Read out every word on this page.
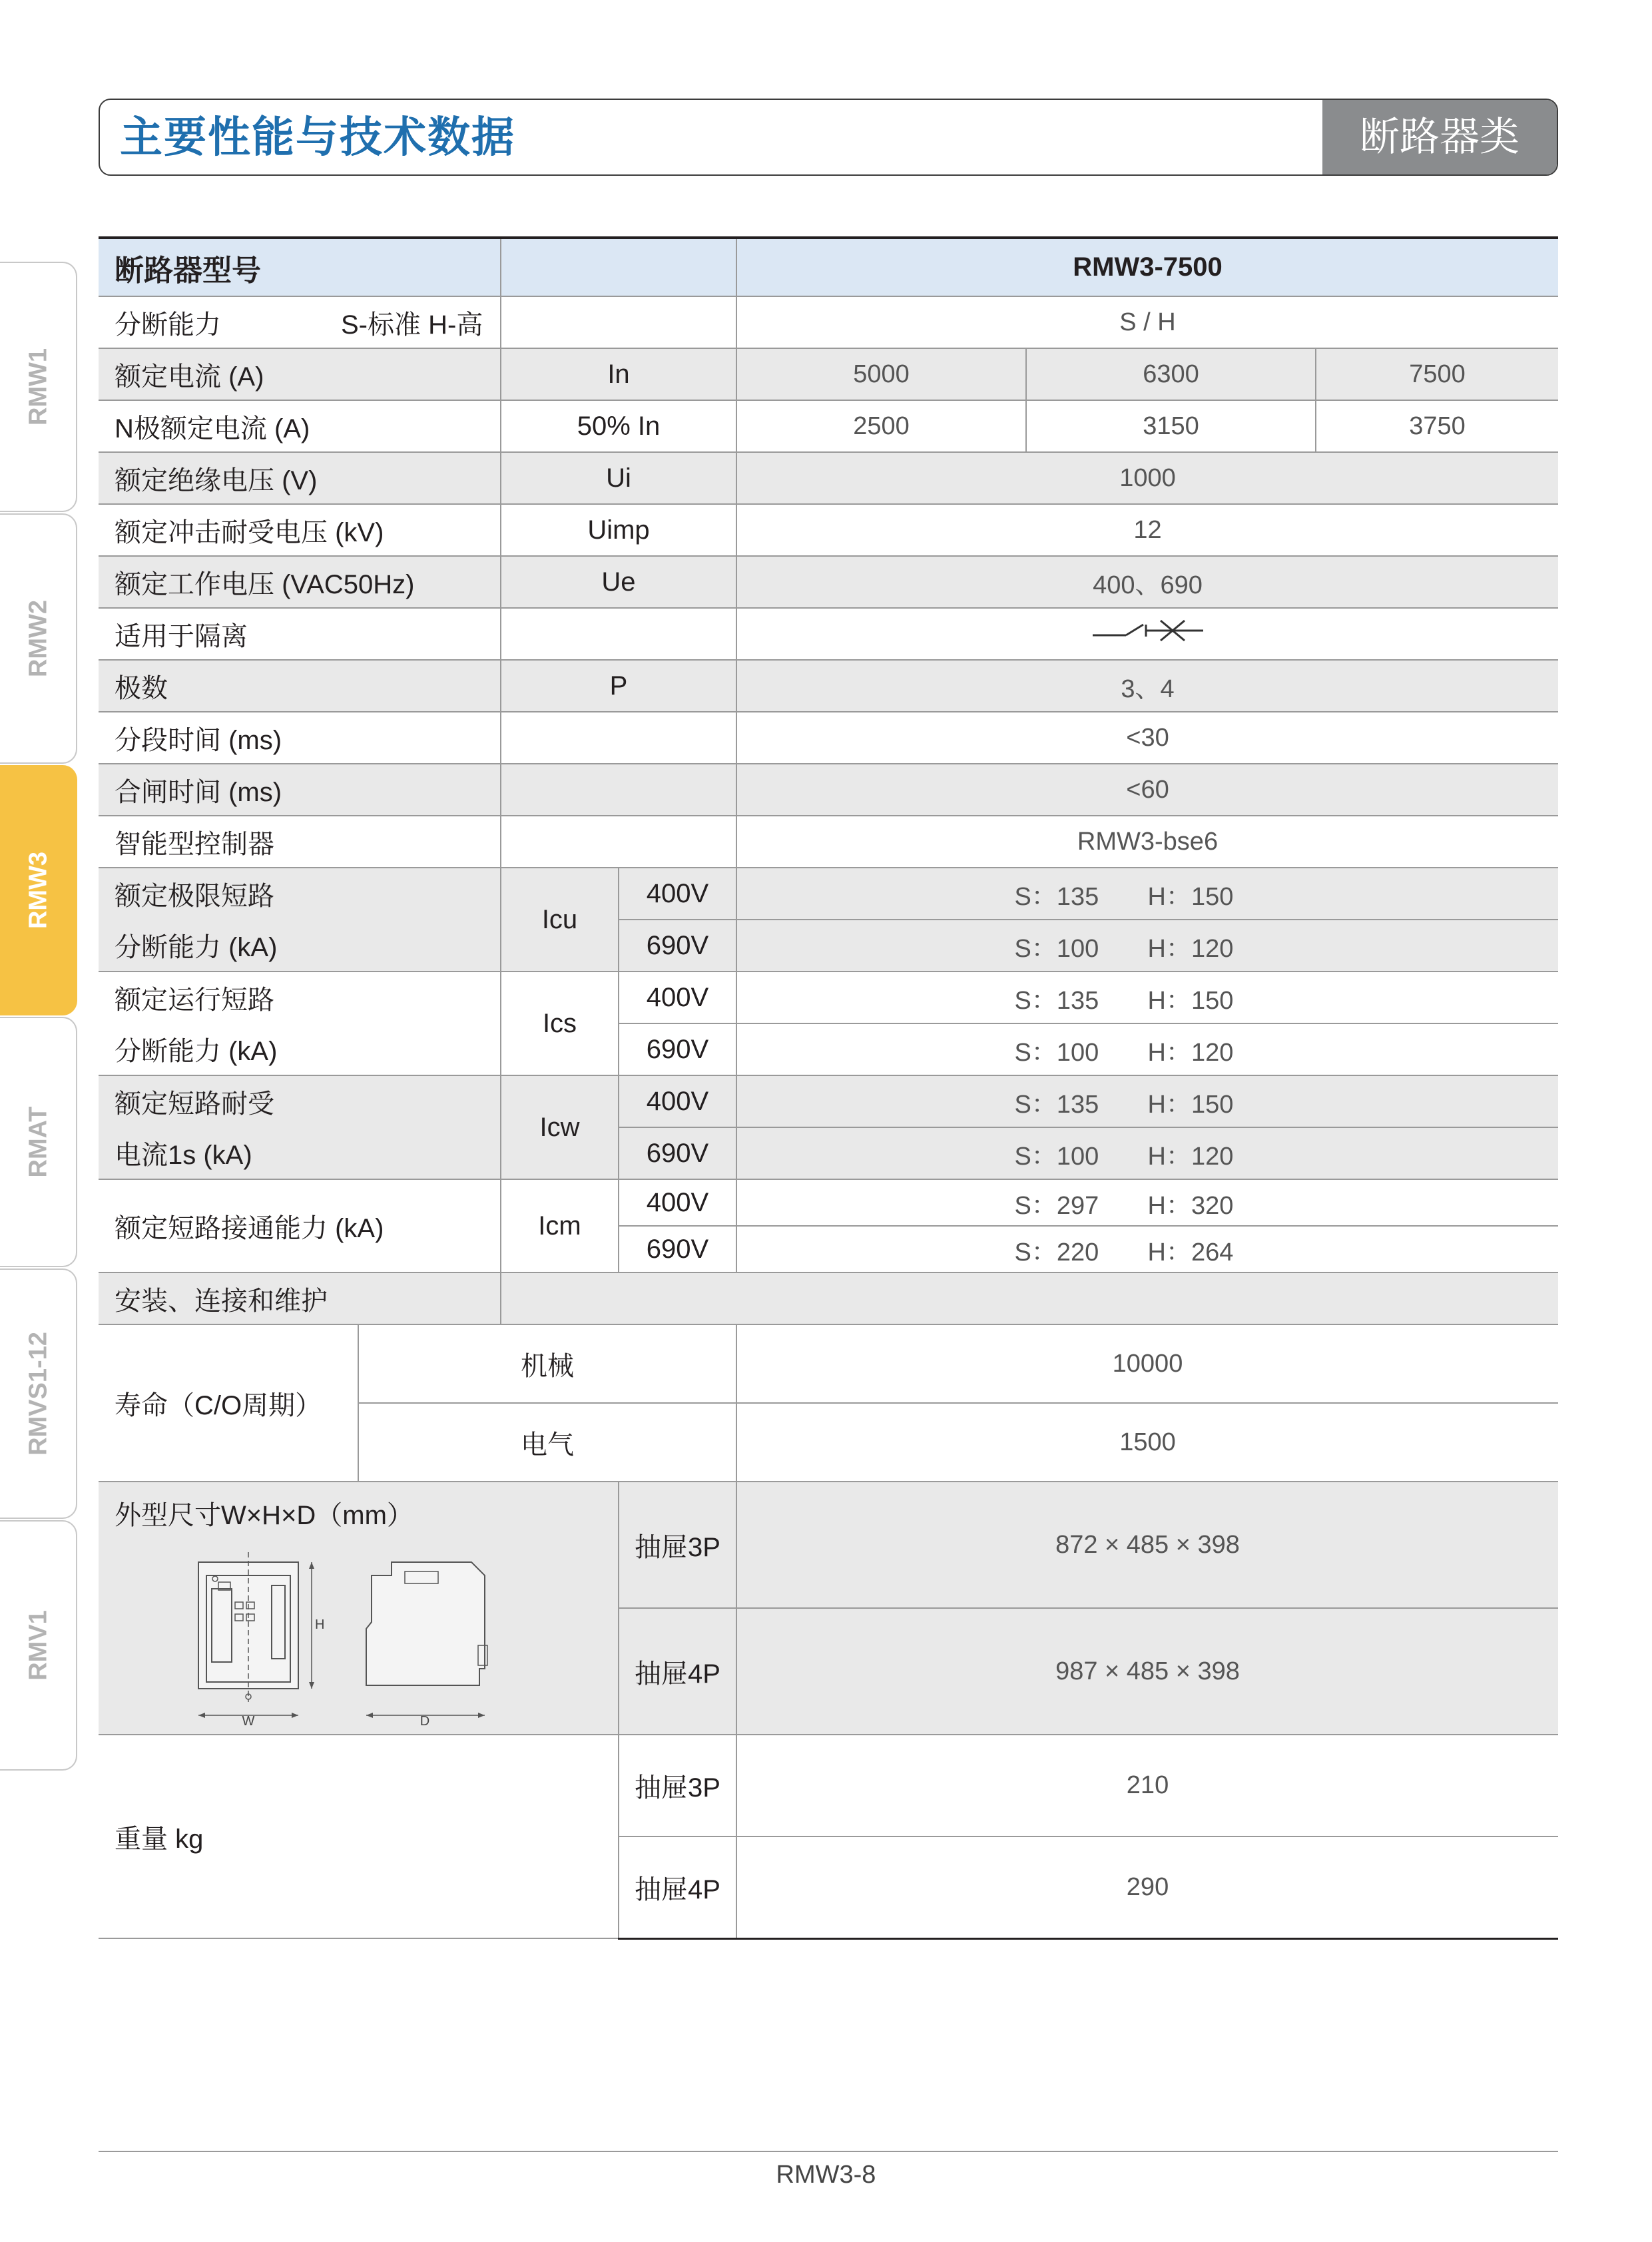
主要性能与技术数据	断路器类
RMW1
RMW2
RMW3
RMAT
RMVS1-12
RMV1
断路器型号				RMW3-7500		

分断能力 S-标准 H-高				S / H		
额定电流 (A)		In		5000	6300	7500
N极额定电流 (A)		50% In		2500	3150	3750
额定绝缘电压 (V)		Ui		1000		
额定冲击耐受电压 (kV)		Uimp		12		
额定工作电压 (VAC50Hz)		Ue		400、690		
适用于隔离		
极数		P		3、4		
分段时间 (ms)				<30		
合闸时间 (ms)				<60		
智能型控制器				RMW3-bse6		
额定极限短路		Icu	400V	S：135 H：150		
分断能力 (kA)			690V	S：100 H：120		
额定运行短路		Ics	400V	S：135 H：150		
分断能力 (kA)			690V	S：100 H：120		
额定短路耐受		Icw	400V	S：135 H：150		
电流1s (kA)			690V	S：100 H：120		
额定短路接通能力 (kA)		Icm	400V	S：297 H：320		
			690V	S：220 H：264		
安装、连接和维护						
寿命（C/O周期）	机械			10000		
	电气			1500		

外型尺寸W×H×D（mm）
W
H
D			抽屉3P	872 × 485 × 398		
			抽屉4P	987 × 485 × 398		
重量 kg			抽屉3P	210		
			抽屉4P	290		
RMW3-8
